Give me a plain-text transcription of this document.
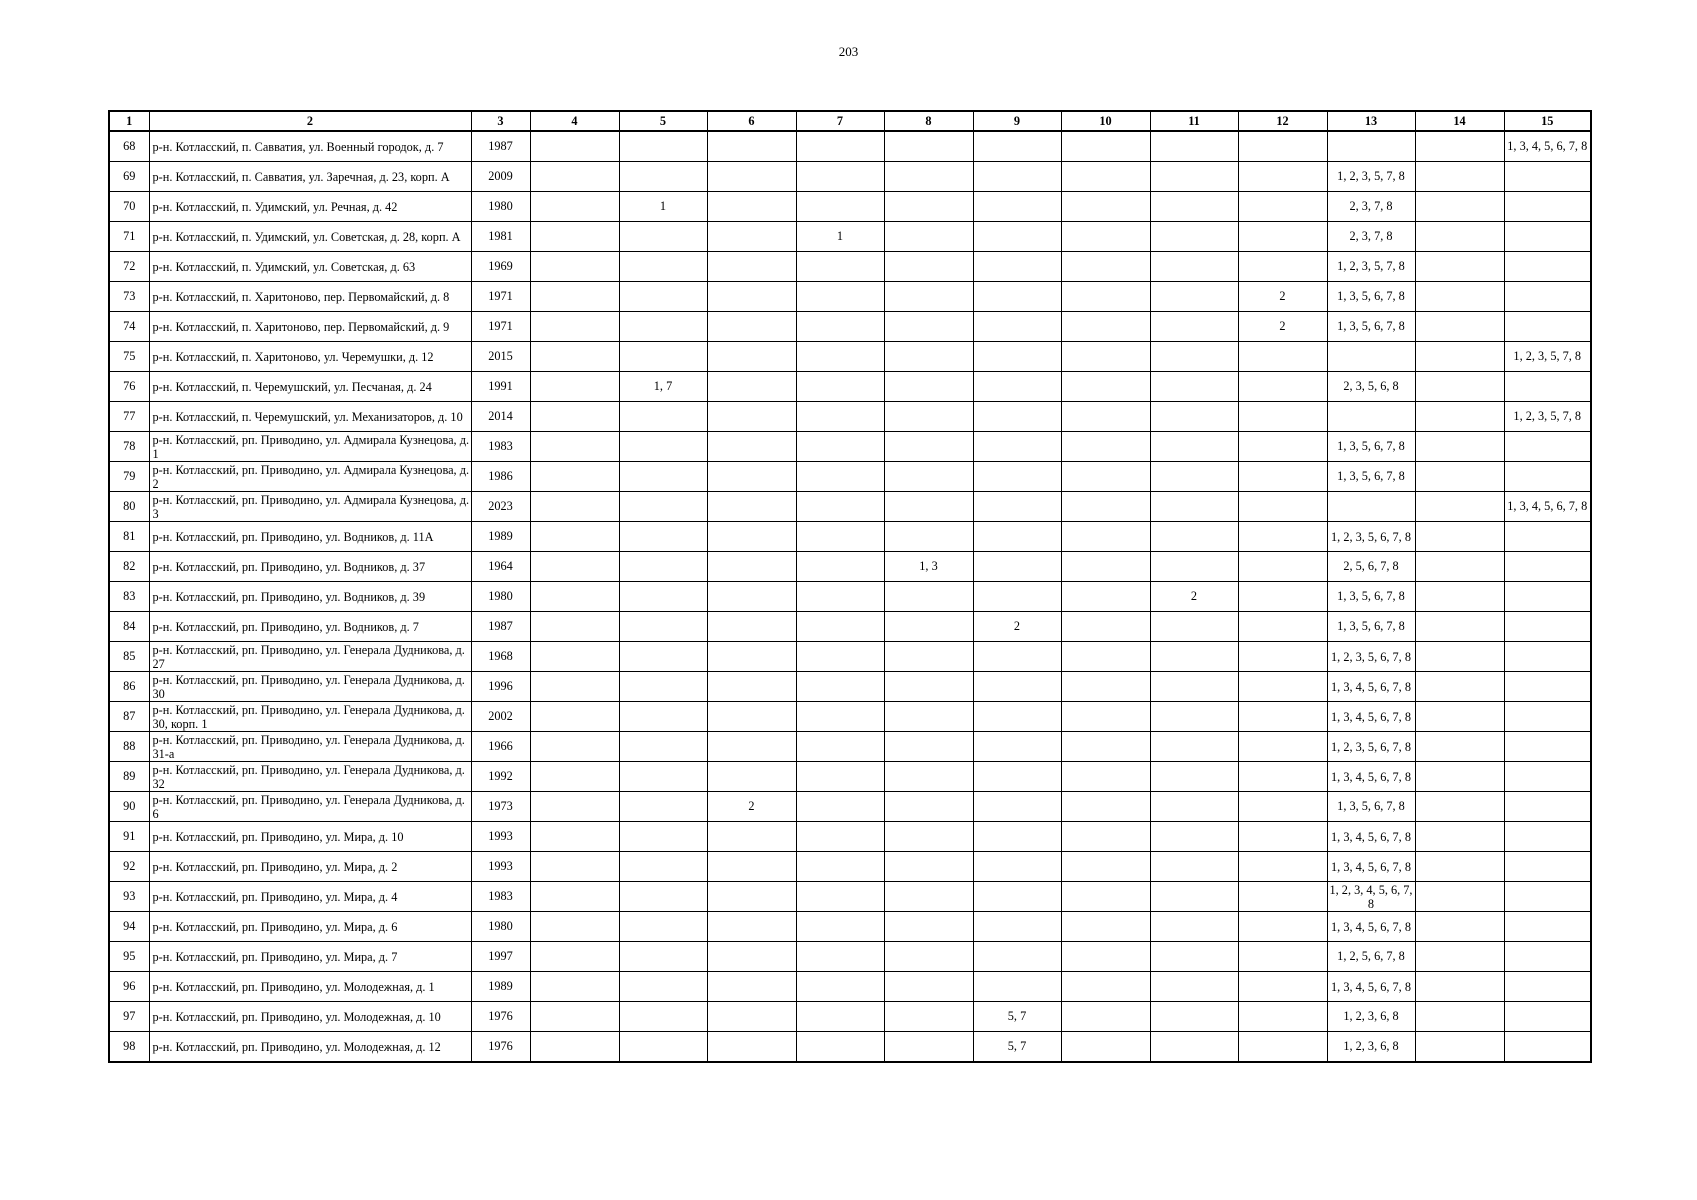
203
1	2	3	4	5	6	7	8	9	10	11	12	13	14	15
68	р-н. Котласский, п. Савватия, ул. Военный городок, д. 7	1987												1, 3, 4, 5, 6, 7, 8
69	р-н. Котласский, п. Савватия, ул. Заречная, д. 23, корп. А	2009										1, 2, 3, 5, 7, 8		
70	р-н. Котласский, п. Удимский, ул. Речная, д. 42	1980		1								2, 3, 7, 8		
71	р-н. Котласский, п. Удимский, ул. Советская, д. 28, корп. А	1981				1						2, 3, 7, 8		
72	р-н. Котласский, п. Удимский, ул. Советская, д. 63	1969										1, 2, 3, 5, 7, 8		
73	р-н. Котласский, п. Харитоново, пер. Первомайский, д. 8	1971									2	1, 3, 5, 6, 7, 8		
74	р-н. Котласский, п. Харитоново, пер. Первомайский, д. 9	1971									2	1, 3, 5, 6, 7, 8		
75	р-н. Котласский, п. Харитоново, ул. Черемушки, д. 12	2015												1, 2, 3, 5, 7, 8
76	р-н. Котласский, п. Черемушский, ул. Песчаная, д. 24	1991		1, 7								2, 3, 5, 6, 8		
77	р-н. Котласский, п. Черемушский, ул. Механизаторов, д. 10	2014												1, 2, 3, 5, 7, 8
78	р-н. Котласский, рп. Приводино, ул. Адмирала Кузнецова, д. 1	1983										1, 3, 5, 6, 7, 8		
79	р-н. Котласский, рп. Приводино, ул. Адмирала Кузнецова, д. 2	1986										1, 3, 5, 6, 7, 8		
80	р-н. Котласский, рп. Приводино, ул. Адмирала Кузнецова, д. 3	2023												1, 3, 4, 5, 6, 7, 8
81	р-н. Котласский, рп. Приводино, ул. Водников, д. 11А	1989										1, 2, 3, 5, 6, 7, 8		
82	р-н. Котласский, рп. Приводино, ул. Водников, д. 37	1964					1, 3					2, 5, 6, 7, 8		
83	р-н. Котласский, рп. Приводино, ул. Водников, д. 39	1980								2		1, 3, 5, 6, 7, 8		
84	р-н. Котласский, рп. Приводино, ул. Водников, д. 7	1987						2				1, 3, 5, 6, 7, 8		
85	р-н. Котласский, рп. Приводино, ул. Генерала Дудникова, д. 27	1968										1, 2, 3, 5, 6, 7, 8		
86	р-н. Котласский, рп. Приводино, ул. Генерала Дудникова, д. 30	1996										1, 3, 4, 5, 6, 7, 8		
87	р-н. Котласский, рп. Приводино, ул. Генерала Дудникова, д. 30, корп. 1	2002										1, 3, 4, 5, 6, 7, 8		
88	р-н. Котласский, рп. Приводино, ул. Генерала Дудникова, д. 31-а	1966										1, 2, 3, 5, 6, 7, 8		
89	р-н. Котласский, рп. Приводино, ул. Генерала Дудникова, д. 32	1992										1, 3, 4, 5, 6, 7, 8		
90	р-н. Котласский, рп. Приводино, ул. Генерала Дудникова, д. 6	1973			2							1, 3, 5, 6, 7, 8		
91	р-н. Котласский, рп. Приводино, ул. Мира, д. 10	1993										1, 3, 4, 5, 6, 7, 8		
92	р-н. Котласский, рп. Приводино, ул. Мира, д. 2	1993										1, 3, 4, 5, 6, 7, 8		
93	р-н. Котласский, рп. Приводино, ул. Мира, д. 4	1983										1, 2, 3, 4, 5, 6, 7, 8		
94	р-н. Котласский, рп. Приводино, ул. Мира, д. 6	1980										1, 3, 4, 5, 6, 7, 8		
95	р-н. Котласский, рп. Приводино, ул. Мира, д. 7	1997										1, 2, 5, 6, 7, 8		
96	р-н. Котласский, рп. Приводино, ул. Молодежная, д. 1	1989										1, 3, 4, 5, 6, 7, 8		
97	р-н. Котласский, рп. Приводино, ул. Молодежная, д. 10	1976						5, 7				1, 2, 3, 6, 8		
98	р-н. Котласский, рп. Приводино, ул. Молодежная, д. 12	1976						5, 7				1, 2, 3, 6, 8		
